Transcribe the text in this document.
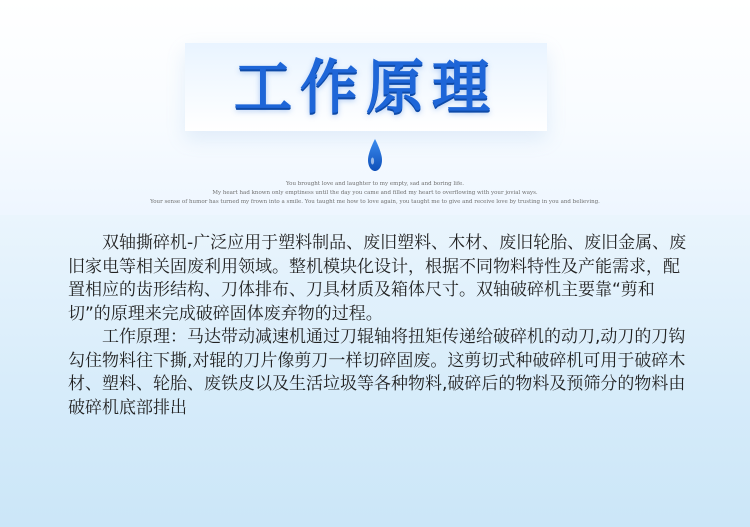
工作原理
You brought love and laughter to my empty, sad and boring life.
My heart had known only emptiness until the day you came and filled my heart to overflowing with your jovial ways.
Your sense of humor has turned my frown into a smile. You taught me how to love again, you taught me to give and receive love by trusting in you and believing.

双轴撕碎机-广泛应用于塑料制品、废旧塑料、木材、废旧轮胎、废旧金属、废旧家电等相关固废利用领域。整机模块化设计，根据不同物料特性及产能需求，配置相应的齿形结构、刀体排布、刀具材质及箱体尺寸。双轴破碎机主要靠“剪和切”的原理来完成破碎固体废弃物的过程。

工作原理：马达带动减速机通过刀辊轴将扭矩传递给破碎机的动刀,动刀的刀钩勾住物料往下撕,对辊的刀片像剪刀一样切碎固废。这剪切式种破碎机可用于破碎木材、塑料、轮胎、废铁皮以及生活垃圾等各种物料,破碎后的物料及预筛分的物料由破碎机底部排出
